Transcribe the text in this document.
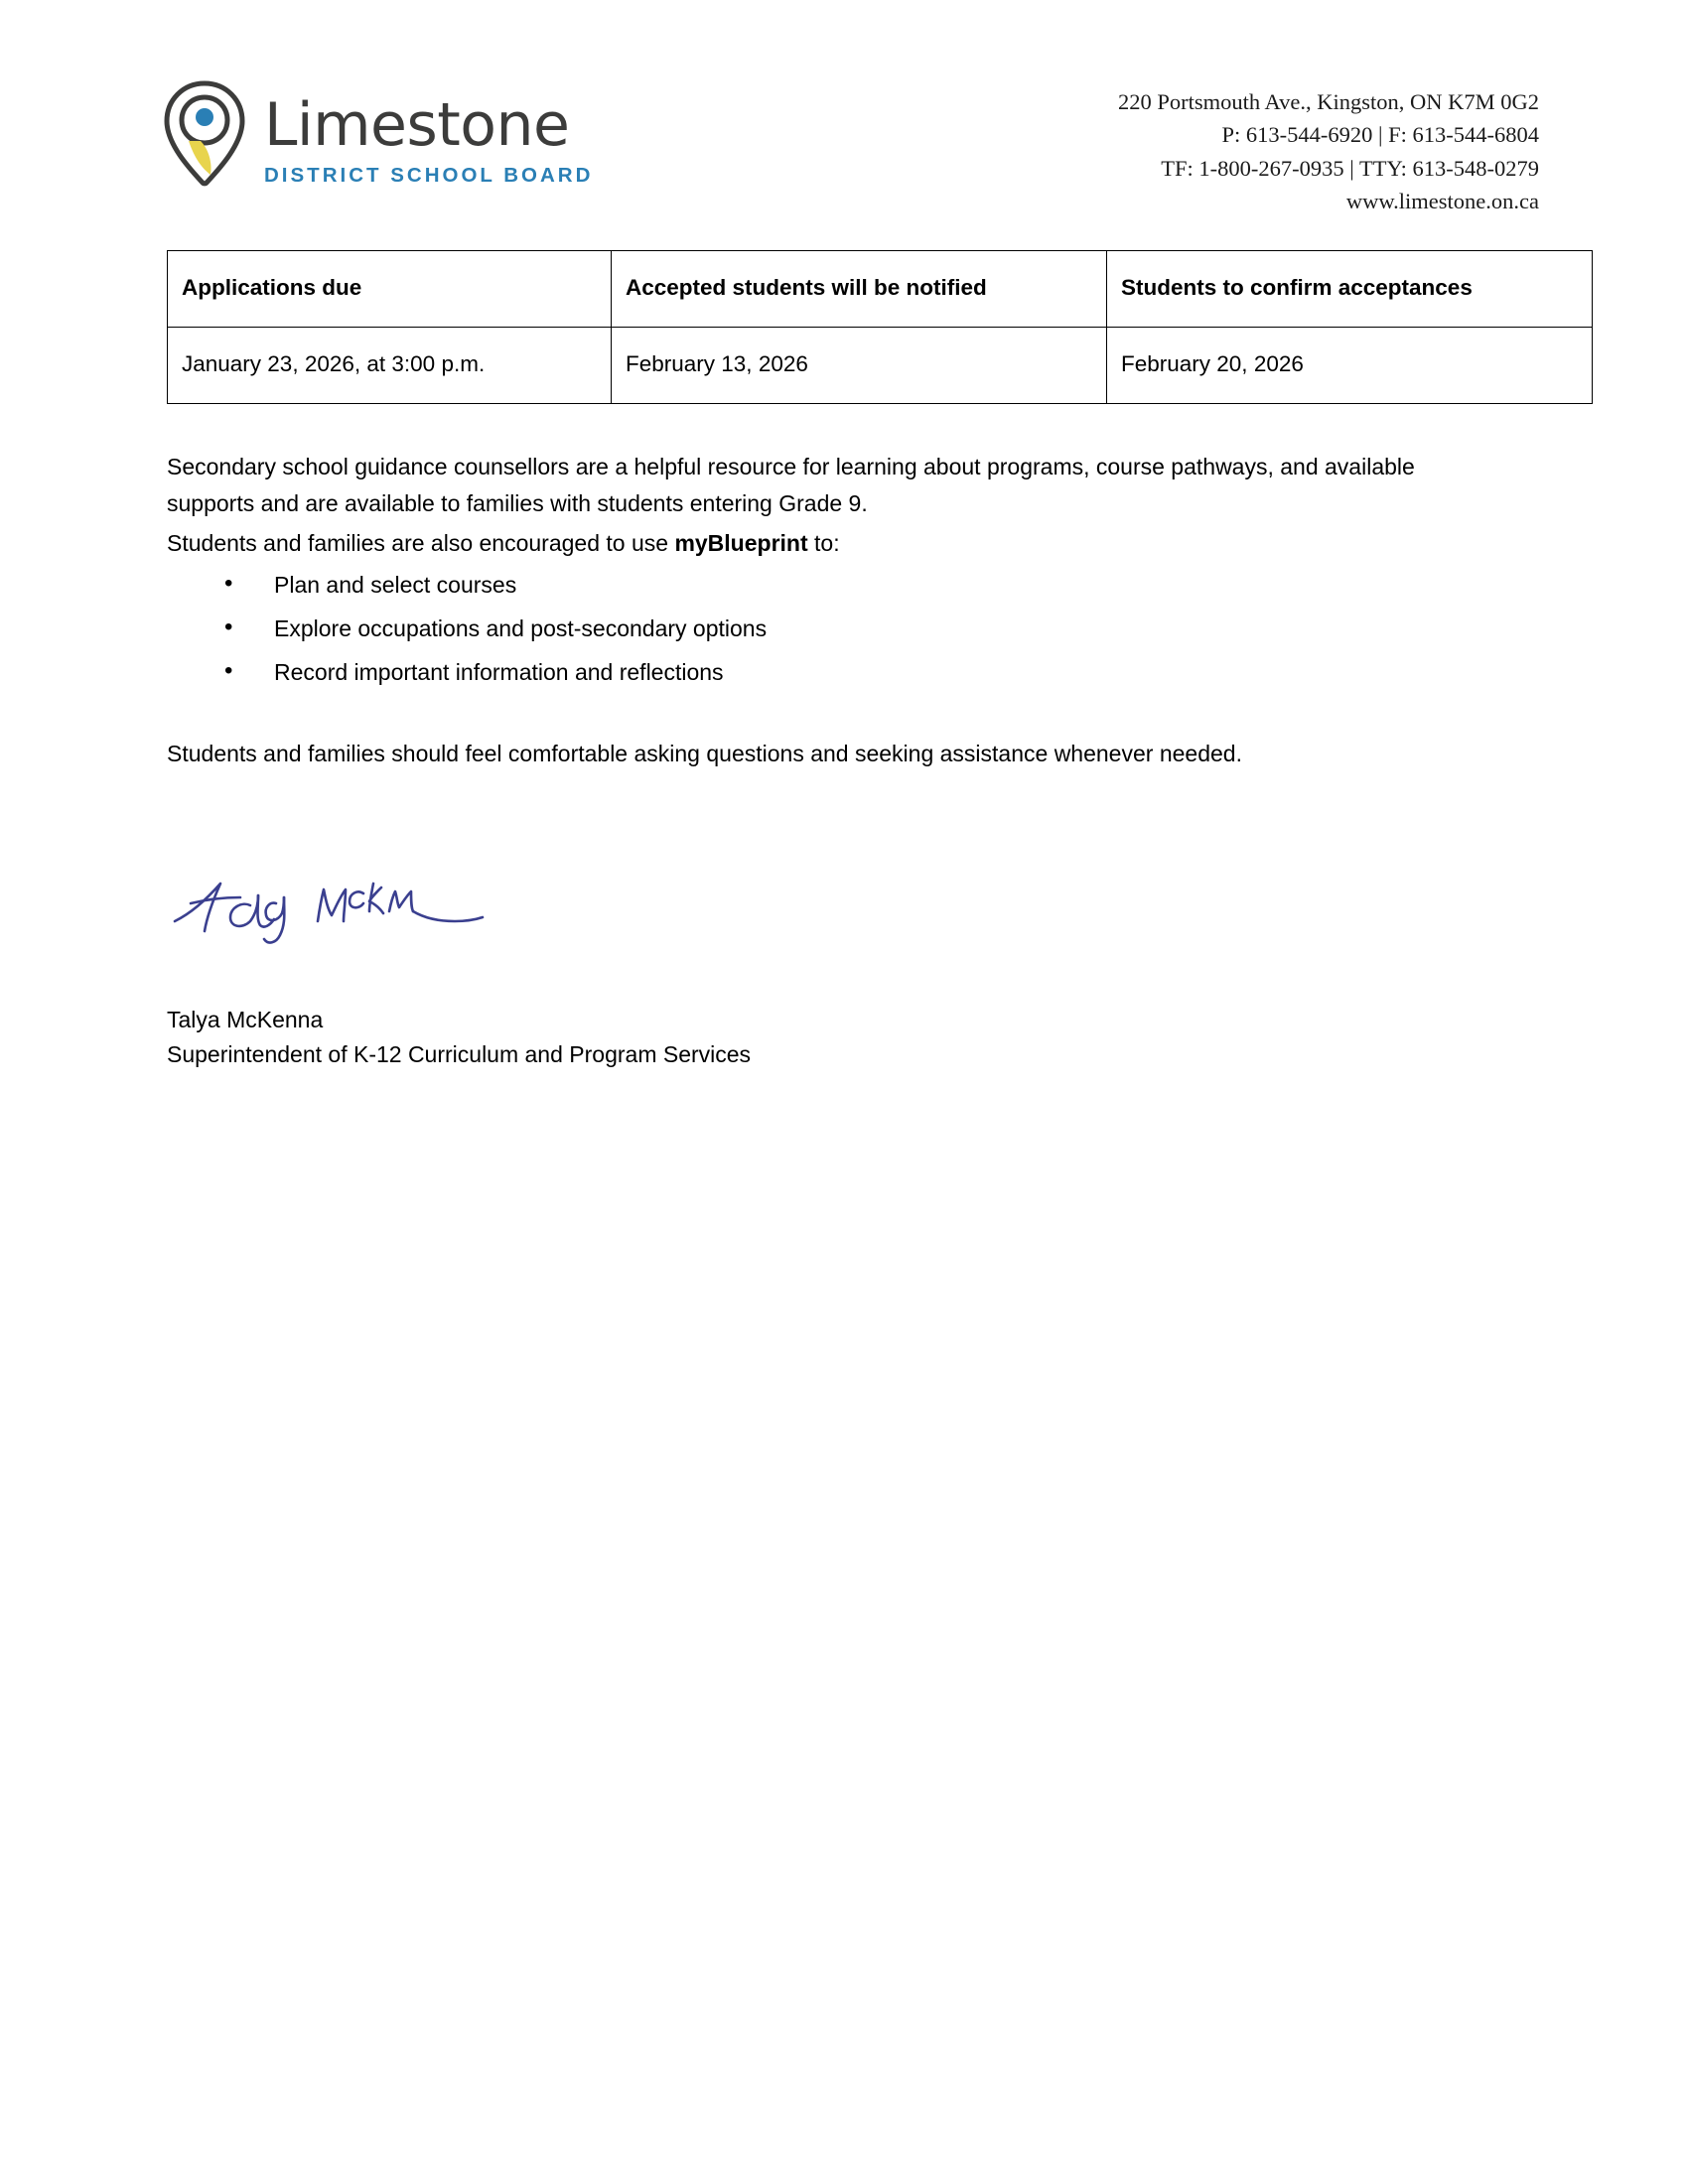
Limestone
DISTRICT SCHOOL BOARD
220 Portsmouth Ave., Kingston, ON K7M 0G2
P: 613-544-6920 | F: 613-544-6804
TF: 1-800-267-0935 | TTY: 613-548-0279
www.limestone.on.ca
Applications due	Accepted students will be notified	Students to confirm acceptances
January 23, 2026, at 3:00 p.m.	February 13, 2026	February 20, 2026

Secondary school guidance counsellors are a helpful resource for learning about programs, course pathways, and available supports and are available to families with students entering Grade 9.

Students and families are also encouraged to use myBlueprint to:

• Plan and select courses
• Explore occupations and post-secondary options
• Record important information and reflections

Students and families should feel comfortable asking questions and seeking assistance whenever needed.

Talya McKenna
Superintendent of K-12 Curriculum and Program Services
